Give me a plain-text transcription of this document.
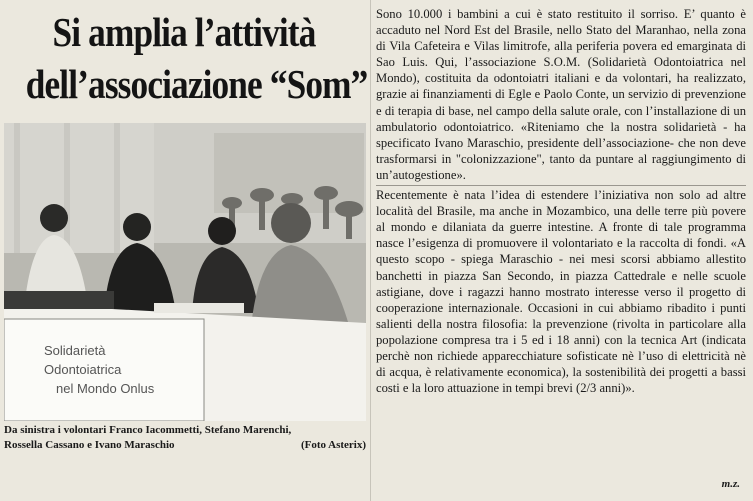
Si amplia l’attività
dell’associazione “Som”
Solidarietà
Odontoiatrica
nel Mondo Onlus
Da sinistra i volontari Franco Iacommetti, Stefano Marenchi,
Rossella Cassano e Ivano Maraschio	(Foto Asterix)

Sono 10.000 i bambini a cui è stato restituito il sorriso. E’ quanto è accaduto nel Nord Est del Brasile, nello Stato del Maranhao, nella zona di Vila Cafeteira e Vilas limitrofe, alla periferia povera ed emarginata di Sao Luis. Qui, l’associazione S.O.M. (Solidarietà Odontoiatrica nel Mondo), costituita da odontoiatri italiani e da volontari, ha realizzato, grazie ai finanziamenti di Egle e Paolo Conte, un servizio di prevenzione e di terapia di base, nel campo della salute orale, con l’installazione di un ambulatorio odontoiatrico. «Riteniamo che la nostra solidarietà - ha specificato Ivano Maraschio, presidente dell’associazione- che non deve trasformarsi in "colonizzazione", tanto da puntare al raggiungimento di un’autogestione».

Recentemente è nata l’idea di estendere l’iniziativa non solo ad altre località del Brasile, ma anche in Mozambico, una delle terre più povere al mondo e dilaniata da guerre intestine. A fronte di tale programma nasce l’esigenza di promuovere il volontariato e la raccolta di fondi. «A questo scopo - spiega Maraschio - nei mesi scorsi abbiamo allestito banchetti in piazza San Secondo, in piazza Cattedrale e nelle scuole astigiane, dove i ragazzi hanno mostrato interesse verso il progetto di cooperazione internazionale. Occasioni in cui abbiamo ribadito i punti salienti della nostra filosofia: la prevenzione (rivolta in particolare alla popolazione compresa tra i 5 ed i 18 anni) con la tecnica Art (indicata perchè non richiede apparecchiature sofisticate nè l’uso di elettricità nè di acqua, è relativamente economica), la sostenibilità dei progetti a bassi costi e la loro attuazione in tempi brevi (2/3 anni)».

m.z.
